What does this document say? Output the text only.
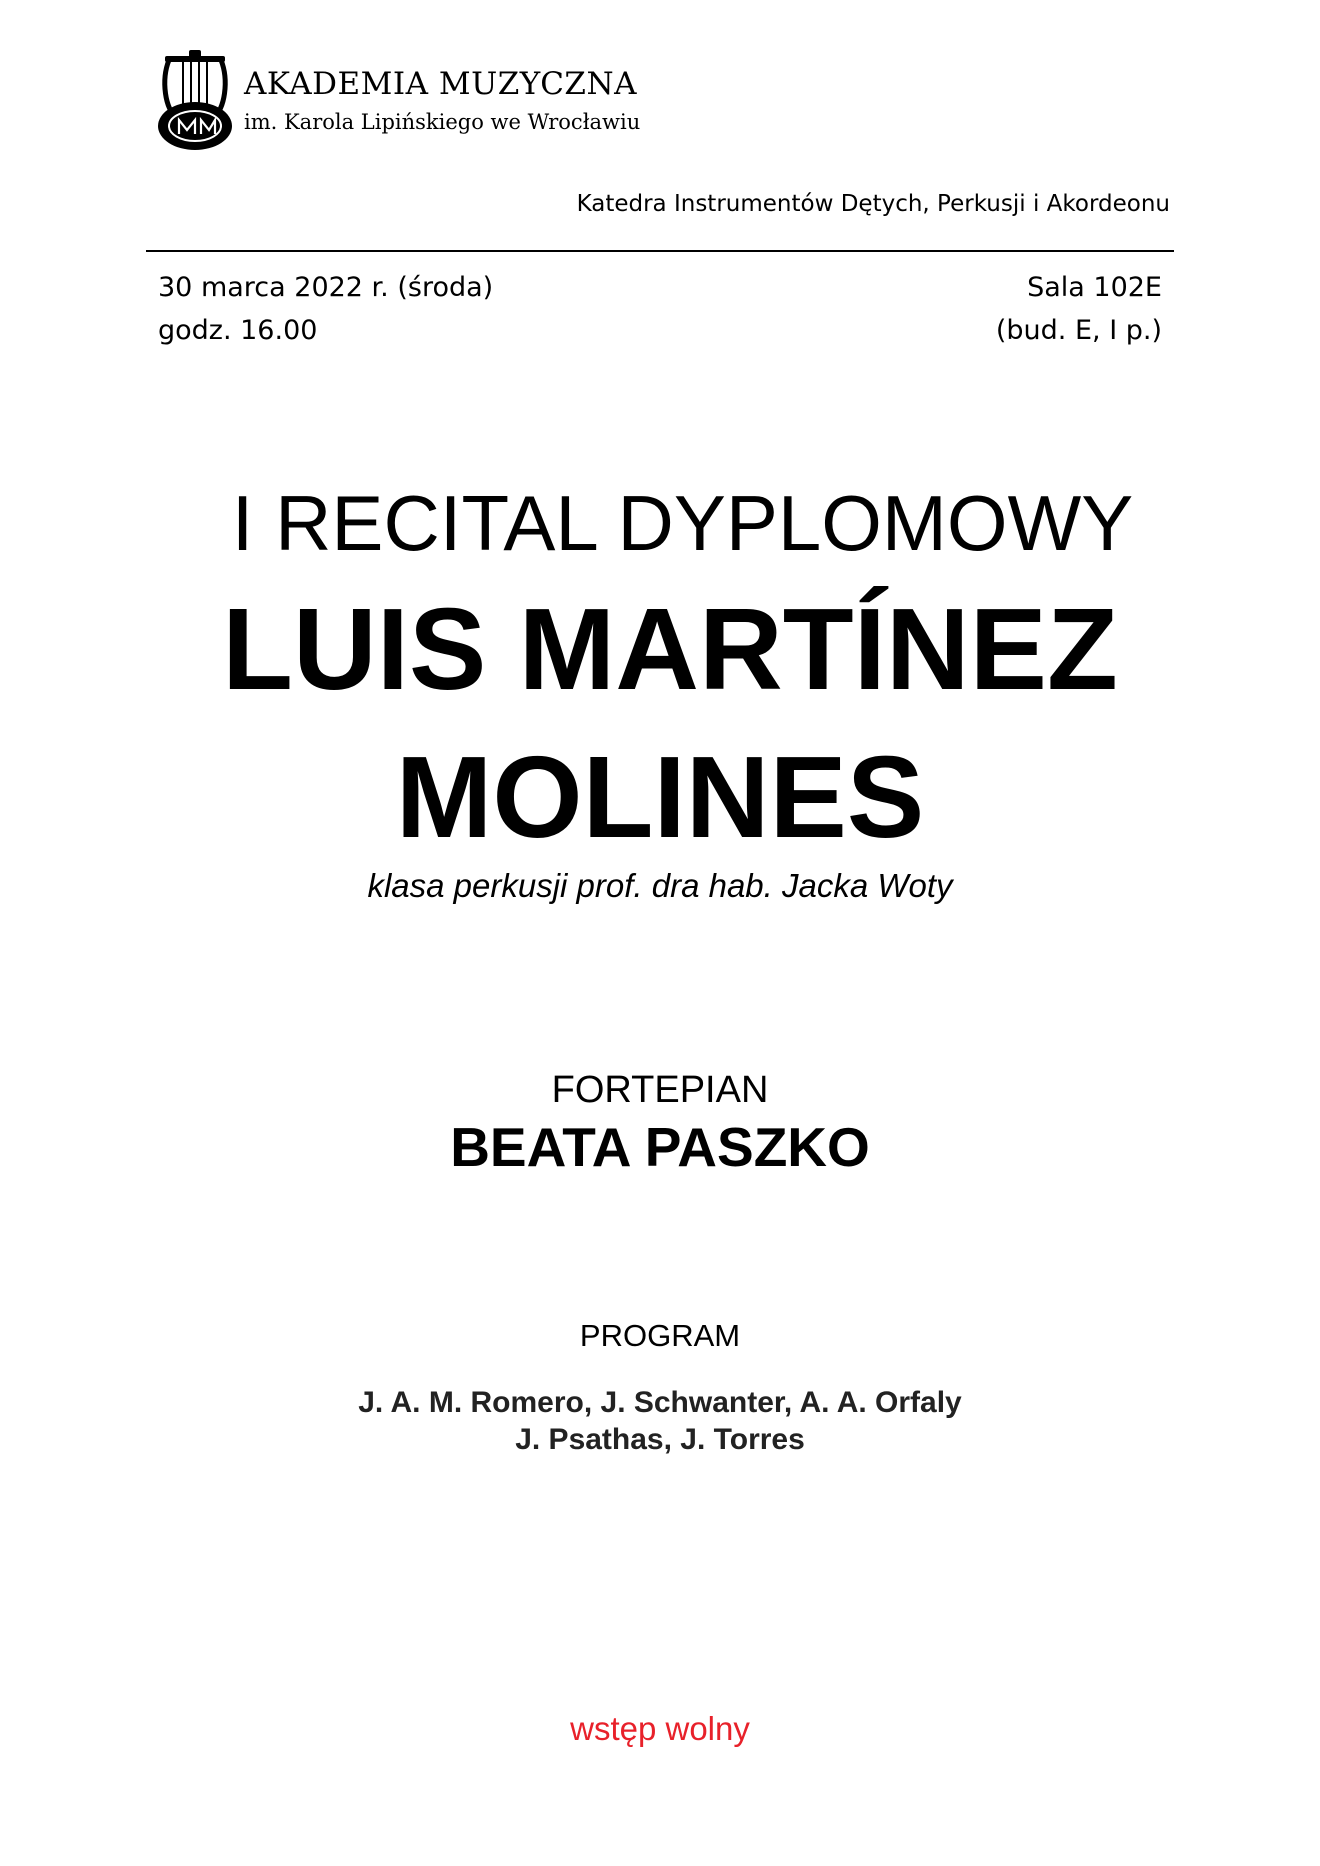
AKADEMIA MUZYCZNA
im. Karola Lipińskiego we Wrocławiu
Katedra Instrumentów Dętych, Perkusji i Akordeonu
30 marca 2022 r. (środa)
godz. 16.00
Sala 102E
(bud. E, I p.)
I RECITAL DYPLOMOWY
LUIS MARTÍNEZ
MOLINES
klasa perkusji prof. dra hab. Jacka Woty
FORTEPIAN
BEATA PASZKO
PROGRAM
J. A. M. Romero, J. Schwanter, A. A. Orfaly
J. Psathas, J. Torres
wstęp wolny
